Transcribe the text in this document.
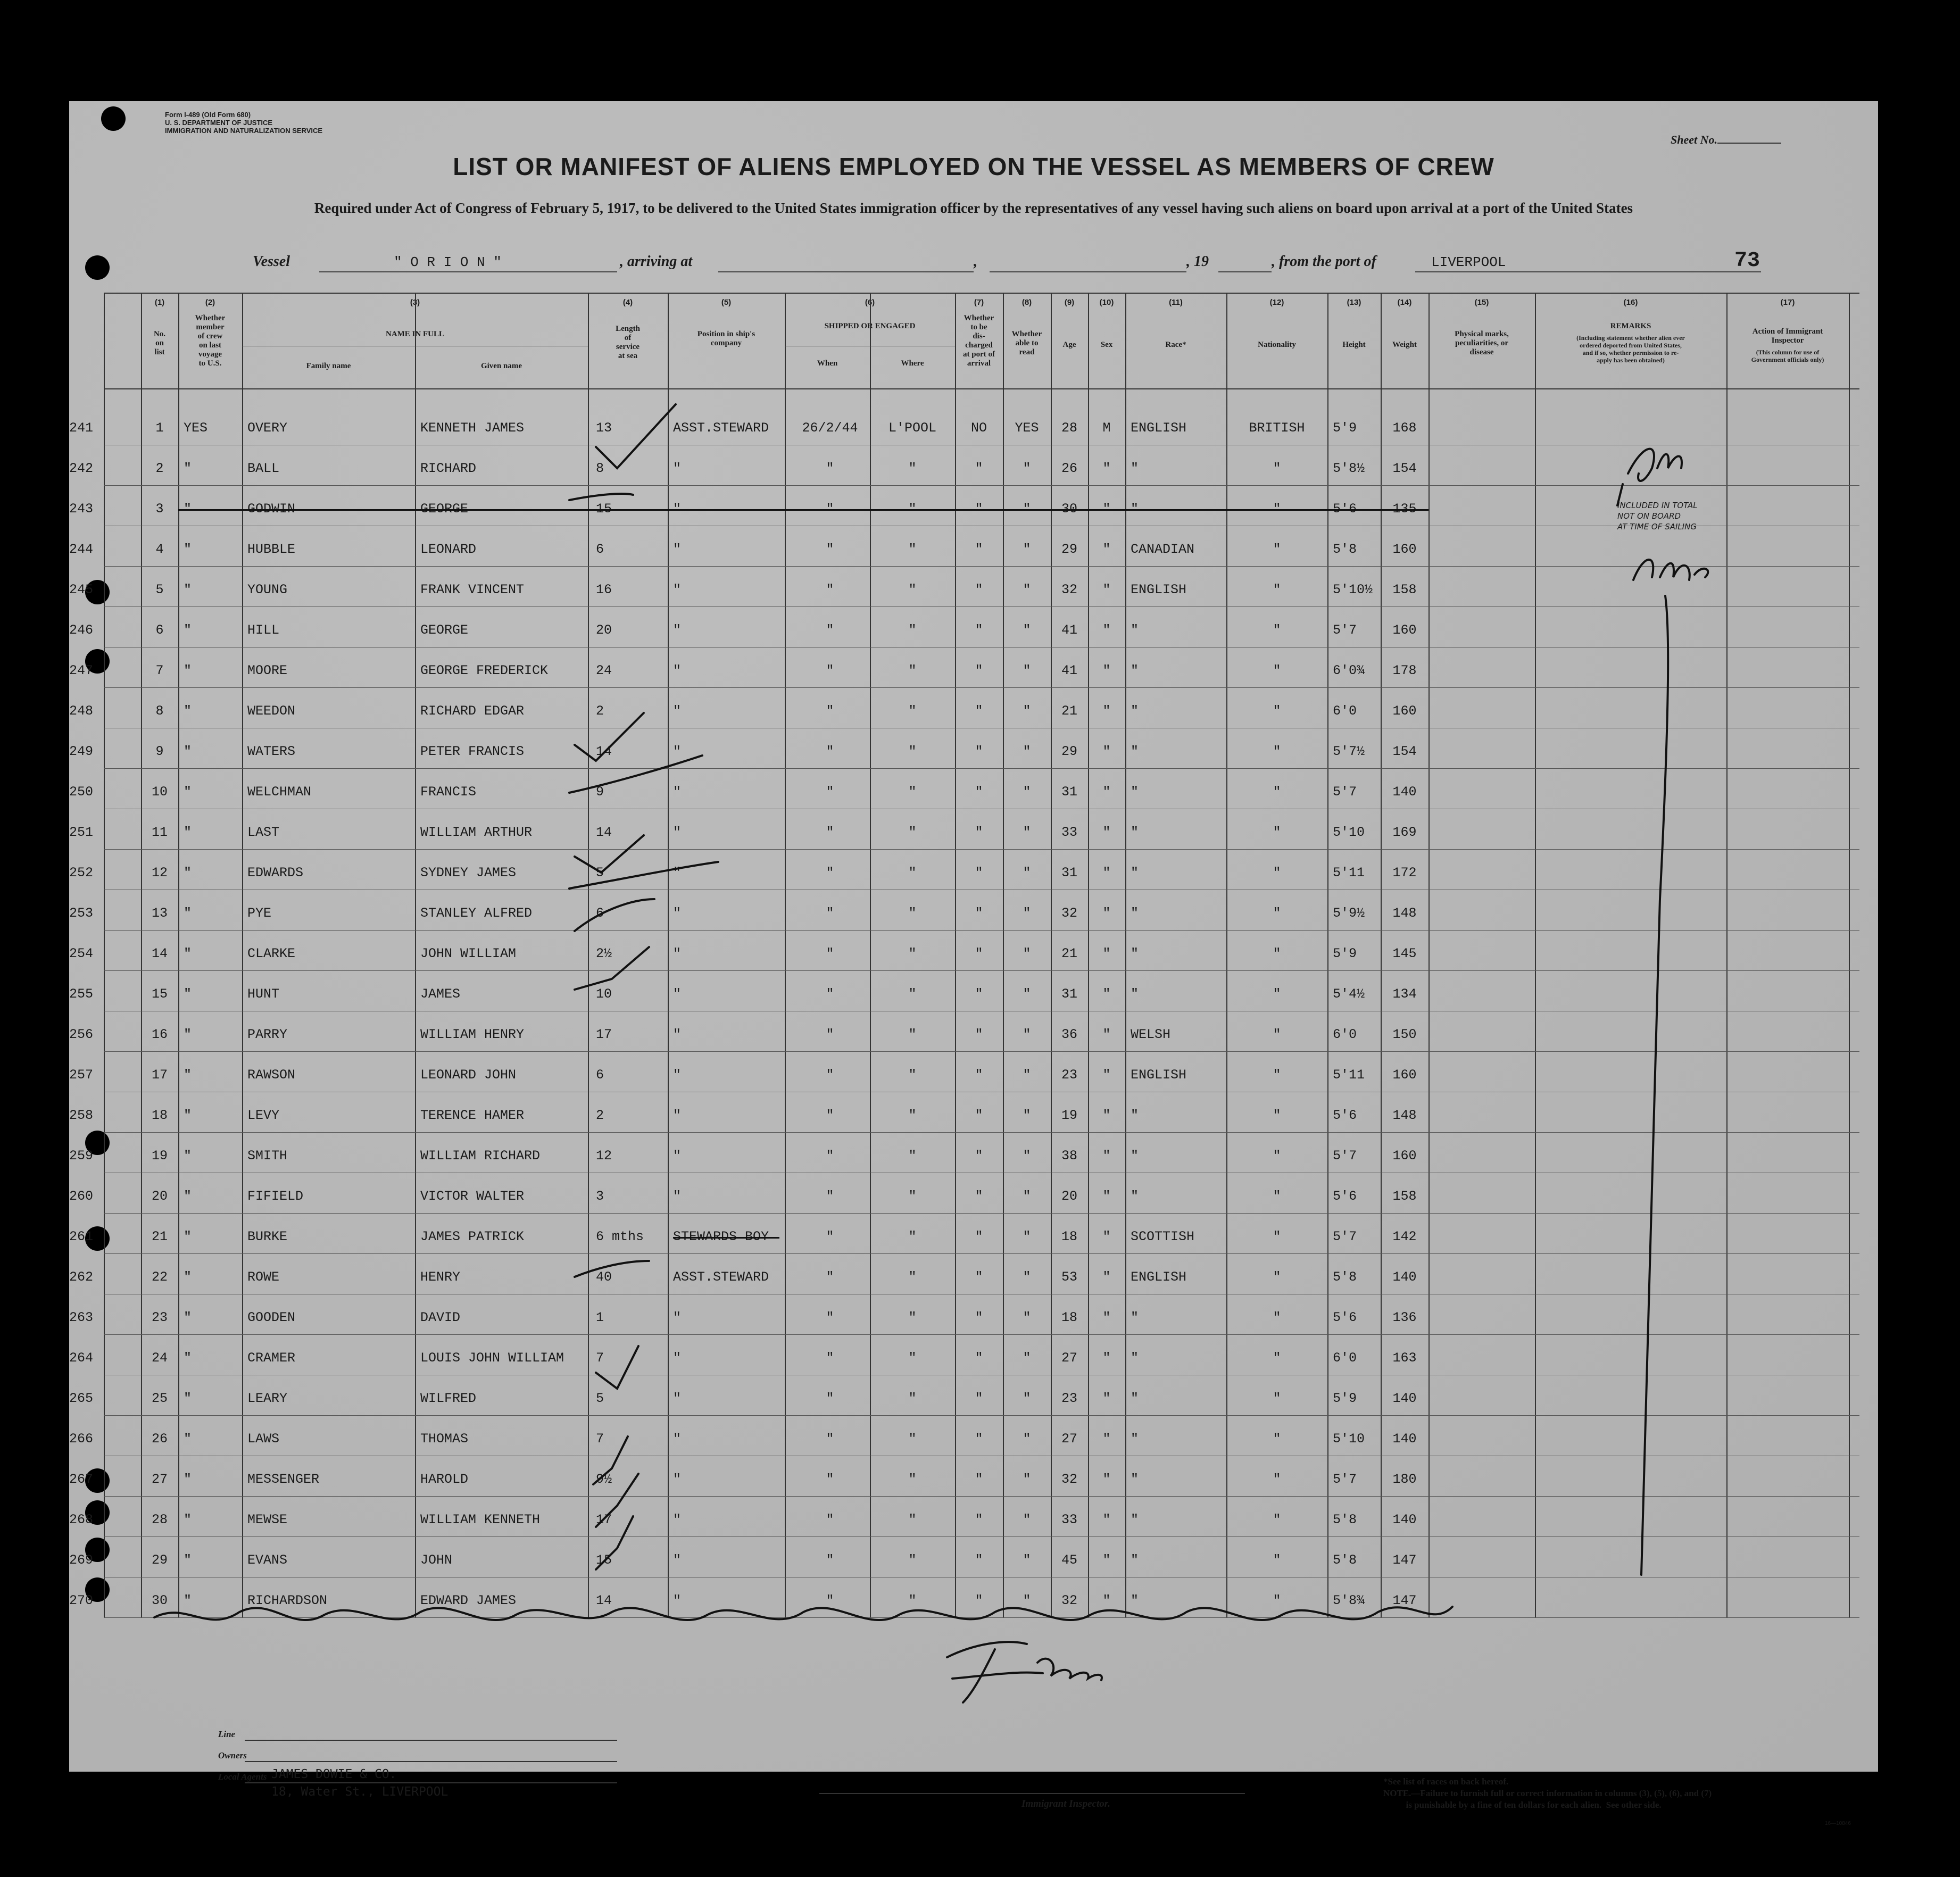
Form I-489 (Old Form 680)
U. S. DEPARTMENT OF JUSTICE
IMMIGRATION AND NATURALIZATION SERVICE
Sheet No.
LIST OR MANIFEST OF ALIENS EMPLOYED ON THE VESSEL AS MEMBERS OF CREW
Required under Act of Congress of February 5, 1917, to be delivered to the United States immigration officer by the representatives of any vessel having such aliens on board upon arrival at a port of the United States
Vessel	" O R I O N "	, arriving at	,	, 19	, from the port of	LIVERPOOL	73
(1)	(2)	(3)	(4)	(5)	(6)	(7)	(8)	(9)	(10)	(11)	(12)	(13)	(14)	(15)	(16)	(17)
No.
on
list
Whether
member
of crew
on last
voyage
to U.S.
NAME IN FULL
Family name	Given name
Length
of
service
at sea
Position in ship's
company
SHIPPED OR ENGAGED
When	Where
Whether
to be
dis-
charged
at port of
arrival
Whether
able to
read
Age	Sex	Race*	Nationality	Height	Weight
Physical marks,
peculiarities, or
disease
REMARKS
(Including statement whether alien ever
ordered deported from United States,
and if so, whether permission to re-
apply has been obtained)
Action of Immigrant
Inspector
(This column for use of
Government officials only)
241	1	YES	OVERY	KENNETH JAMES	13	ASST.STEWARD	26/2/44	L'POOL	NO	YES	28	M	ENGLISH	BRITISH	5'9	168
242	2	"	BALL	RICHARD	8	"	"	"	"	"	26	"	"	"	5'8½	154
243	3	"	GODWIN	GEORGE	15	"	"	"	"	"	30	"	"	"	5'6	135
244	4	"	HUBBLE	LEONARD	6	"	"	"	"	"	29	"	CANADIAN	"	5'8	160
245	5	"	YOUNG	FRANK VINCENT	16	"	"	"	"	"	32	"	ENGLISH	"	5'10½	158
246	6	"	HILL	GEORGE	20	"	"	"	"	"	41	"	"	"	5'7	160
247	7	"	MOORE	GEORGE FREDERICK	24	"	"	"	"	"	41	"	"	"	6'0¾	178
248	8	"	WEEDON	RICHARD EDGAR	2	"	"	"	"	"	21	"	"	"	6'0	160
249	9	"	WATERS	PETER FRANCIS	14	"	"	"	"	"	29	"	"	"	5'7½	154
250	10	"	WELCHMAN	FRANCIS	9	"	"	"	"	"	31	"	"	"	5'7	140
251	11	"	LAST	WILLIAM ARTHUR	14	"	"	"	"	"	33	"	"	"	5'10	169
252	12	"	EDWARDS	SYDNEY JAMES	5	"	"	"	"	"	31	"	"	"	5'11	172
253	13	"	PYE	STANLEY ALFRED	6	"	"	"	"	"	32	"	"	"	5'9½	148
254	14	"	CLARKE	JOHN WILLIAM	2½	"	"	"	"	"	21	"	"	"	5'9	145
255	15	"	HUNT	JAMES	10	"	"	"	"	"	31	"	"	"	5'4½	134
256	16	"	PARRY	WILLIAM HENRY	17	"	"	"	"	"	36	"	WELSH	"	6'0	150
257	17	"	RAWSON	LEONARD JOHN	6	"	"	"	"	"	23	"	ENGLISH	"	5'11	160
258	18	"	LEVY	TERENCE HAMER	2	"	"	"	"	"	19	"	"	"	5'6	148
259	19	"	SMITH	WILLIAM RICHARD	12	"	"	"	"	"	38	"	"	"	5'7	160
260	20	"	FIFIELD	VICTOR WALTER	3	"	"	"	"	"	20	"	"	"	5'6	158
261	21	"	BURKE	JAMES PATRICK	6 mths	STEWARDS BOY	"	"	"	"	18	"	SCOTTISH	"	5'7	142
262	22	"	ROWE	HENRY	40	ASST.STEWARD	"	"	"	"	53	"	ENGLISH	"	5'8	140
263	23	"	GOODEN	DAVID	1	"	"	"	"	"	18	"	"	"	5'6	136
264	24	"	CRAMER	LOUIS JOHN WILLIAM	7	"	"	"	"	"	27	"	"	"	6'0	163
265	25	"	LEARY	WILFRED	5	"	"	"	"	"	23	"	"	"	5'9	140
266	26	"	LAWS	THOMAS	7	"	"	"	"	"	27	"	"	"	5'10	140
267	27	"	MESSENGER	HAROLD	9½	"	"	"	"	"	32	"	"	"	5'7	180
268	28	"	MEWSE	WILLIAM KENNETH	17	"	"	"	"	"	33	"	"	"	5'8	140
269	29	"	EVANS	JOHN	15	"	"	"	"	"	45	"	"	"	5'8	147
270	30	"	RICHARDSON	EDWARD JAMES	14	"	"	"	"	"	32	"	"	"	5'8¾	147
INCLUDED IN TOTAL
NOT ON BOARD
AT TIME OF SAILING
Line
Owners
Local Agents JAMES DOWIE & CO.
18, Water St., LIVERPOOL
Immigrant Inspector.
*See list of races on back hereof.
NOTE.—Failure to furnish full or correct information in columns (3), (5), (6), and (7)
is punishable by a fine of ten dollars for each alien.  See other side.
16—10846
